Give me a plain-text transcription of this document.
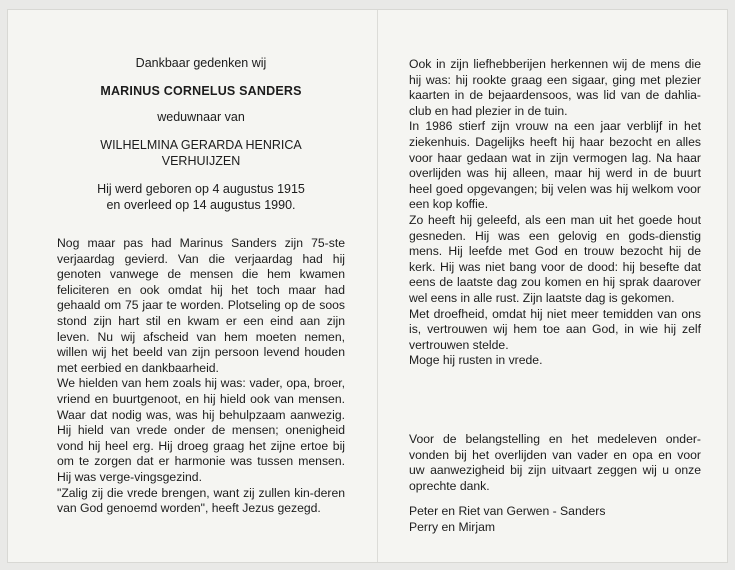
Dankbaar gedenken wij

MARINUS CORNELUS SANDERS

weduwnaar van

WILHELMINA GERARDA HENRICA
VERHUIJZEN

Hij werd geboren op 4 augustus 1915
en overleed op 14 augustus 1990.

Nog maar pas had Marinus Sanders zijn 75-ste verjaardag gevierd. Van die verjaardag had hij genoten vanwege de mensen die hem kwamen feliciteren en ook omdat hij het toch maar had gehaald om 75 jaar te worden. Plotseling op de soos stond zijn hart stil en kwam er een eind aan zijn leven. Nu wij afscheid van hem moeten nemen, willen wij het beeld van zijn persoon levend houden met eerbied en dankbaarheid.

We hielden van hem zoals hij was: vader, opa, broer, vriend en buurtgenoot, en hij hield ook van mensen. Waar dat nodig was, was hij behulpzaam aanwezig. Hij hield van vrede onder de mensen; onenigheid vond hij heel erg. Hij droeg graag het zijne ertoe bij om te zorgen dat er harmonie was tussen mensen. Hij was verge-vingsgezind.

"Zalig zij die vrede brengen, want zij zullen kin-deren van God genoemd worden", heeft Jezus gezegd.

Ook in zijn liefhebberijen herkennen wij de mens die hij was: hij rookte graag een sigaar, ging met plezier kaarten in de bejaardensoos, was lid van de dahlia-club en had plezier in de tuin.

In 1986 stierf zijn vrouw na een jaar verblijf in het ziekenhuis. Dagelijks heeft hij haar bezocht en alles voor haar gedaan wat in zijn vermogen lag. Na haar overlijden was hij alleen, maar hij werd in de buurt heel goed opgevangen; bij velen was hij welkom voor een kop koffie.

Zo heeft hij geleefd, als een man uit het goede hout gesneden. Hij was een gelovig en gods-dienstig mens. Hij leefde met God en trouw bezocht hij de kerk. Hij was niet bang voor de dood: hij besefte dat eens de laatste dag zou komen en hij sprak daarover wel eens in alle rust. Zijn laatste dag is gekomen.

Met droefheid, omdat hij niet meer temidden van ons is, vertrouwen wij hem toe aan God, in wie hij zelf vertrouwen stelde.

Moge hij rusten in vrede.

Voor de belangstelling en het medeleven onder-vonden bij het overlijden van vader en opa en voor uw aanwezigheid bij zijn uitvaart zeggen wij u onze oprechte dank.

Peter en Riet van Gerwen - Sanders
Perry en Mirjam
